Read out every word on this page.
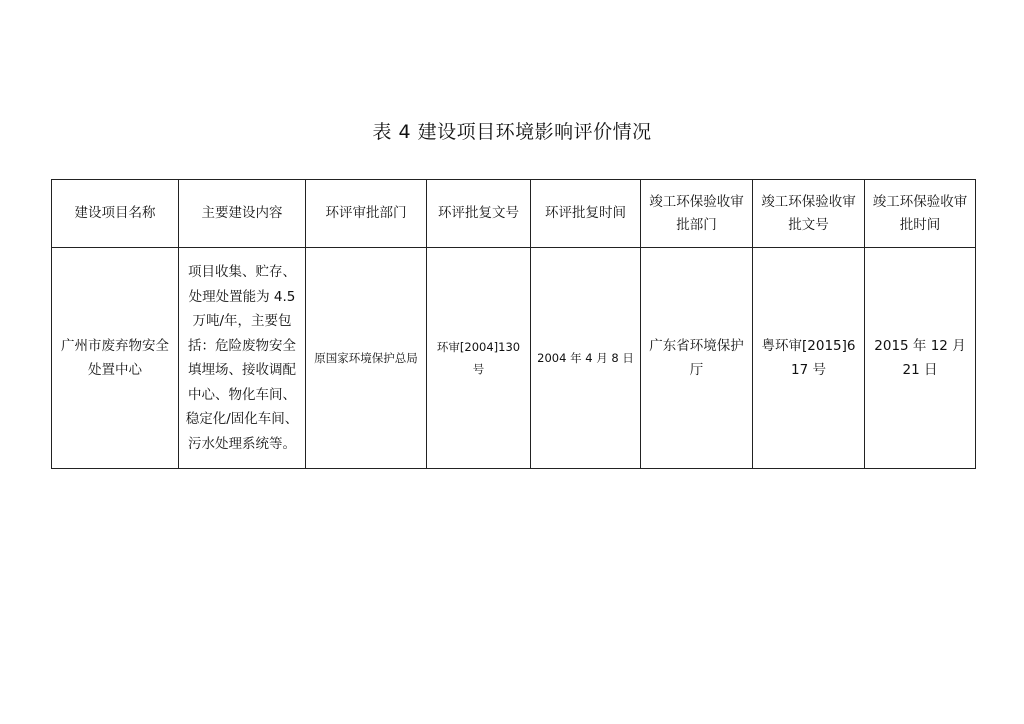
表 4 建设项目环境影响评价情况
建设项目名称	主要建设内容	环评审批部门	环评批复文号	环评批复时间	竣工环保验收审批部门	竣工环保验收审批文号	竣工环保验收审批时间
广州市废弃物安全处置中心	项目收集、贮存、处理处置能为 4.5 万吨/年，主要包括：危险废物安全填埋场、接收调配中心、物化车间、稳定化/固化车间、污水处理系统等。	原国家环境保护总局	环审[2004]130号	2004 年 4 月 8 日	广东省环境保护厅	粤环审[2015]617 号	2015 年 12 月 21 日
